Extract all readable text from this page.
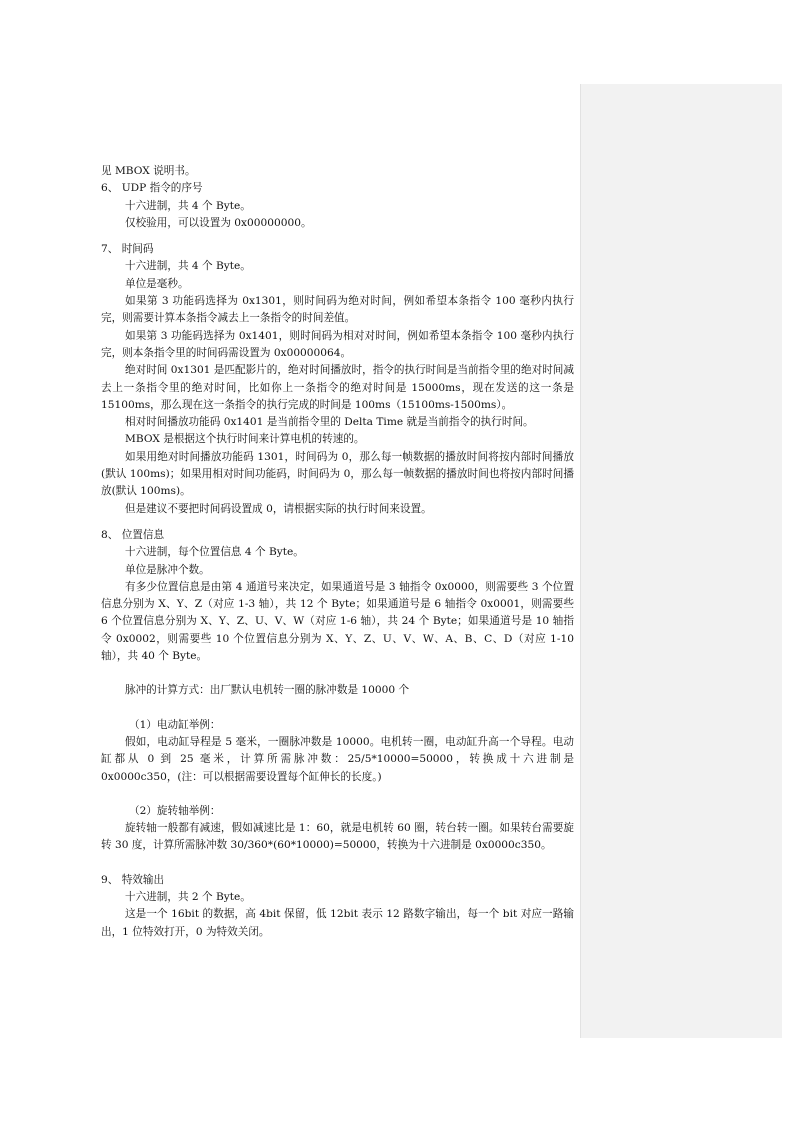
见 MBOX 说明书。

6、 UDP 指令的序号

十六进制，共 4 个 Byte。

仅校验用，可以设置为 0x00000000。

7、 时间码

十六进制，共 4 个 Byte。

单位是毫秒。

如果第 3 功能码选择为 0x1301，则时间码为绝对时间，例如希望本条指令 100 毫秒内执行完，则需要计算本条指令减去上一条指令的时间差值。

如果第 3 功能码选择为 0x1401，则时间码为相对对时间，例如希望本条指令 100 毫秒内执行完，则本条指令里的时间码需设置为 0x00000064。

绝对时间 0x1301 是匹配影片的，绝对时间播放时，指令的执行时间是当前指令里的绝对时间减去上一条指令里的绝对时间，比如你上一条指令的绝对时间是 15000ms，现在发送的这一条是 15100ms，那么现在这一条指令的执行完成的时间是 100ms（15100ms-1500ms）。

相对时间播放功能码 0x1401 是当前指令里的 Delta Time 就是当前指令的执行时间。

MBOX 是根据这个执行时间来计算电机的转速的。

如果用绝对时间播放功能码 1301，时间码为 0，那么每一帧数据的播放时间将按内部时间播放(默认 100ms)；如果用相对时间功能码，时间码为 0，那么每一帧数据的播放时间也将按内部时间播放(默认 100ms)。

但是建议不要把时间码设置成 0，请根据实际的执行时间来设置。

8、 位置信息

十六进制，每个位置信息 4 个 Byte。

单位是脉冲个数。

有多少位置信息是由第 4 通道号来决定，如果通道号是 3 轴指令 0x0000，则需要些 3 个位置信息分别为 X、Y、Z（对应 1-3 轴），共 12 个 Byte；如果通道号是 6 轴指令 0x0001，则需要些 6 个位置信息分别为 X、Y、Z、U、V、W（对应 1-6 轴），共 24 个 Byte；如果通道号是 10 轴指令 0x0002，则需要些 10 个位置信息分别为 X、Y、Z、U、V、W、A、B、C、D（对应 1-10 轴），共 40 个 Byte。

脉冲的计算方式：出厂默认电机转一圈的脉冲数是 10000 个

（1）电动缸举例：

假如，电动缸导程是 5 毫米，一圈脉冲数是 10000。电机转一圈，电动缸升高一个导程。电动缸都从 0 到 25 毫米，计算所需脉冲数：25/5*10000=50000，转换成十六进制是 0x0000c350，(注：可以根据需要设置每个缸伸长的长度。)

（2）旋转轴举例：

旋转轴一般都有减速，假如减速比是 1：60，就是电机转 60 圈，转台转一圈。如果转台需要旋转 30 度，计算所需脉冲数 30/360*(60*10000)=50000，转换为十六进制是 0x0000c350。

9、 特效输出

十六进制，共 2 个 Byte。

这是一个 16bit 的数据，高 4bit 保留，低 12bit 表示 12 路数字输出，每一个 bit 对应一路输出，1 位特效打开，0 为特效关闭。
